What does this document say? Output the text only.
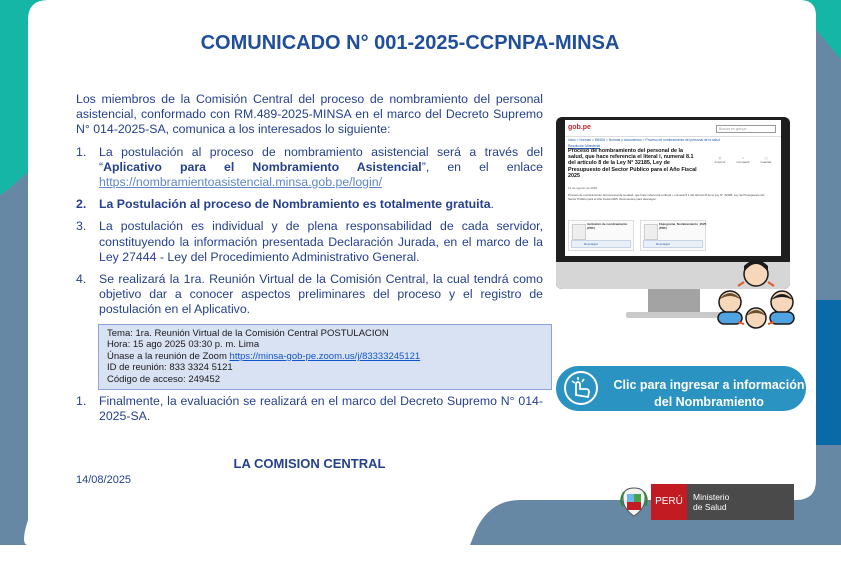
COMUNICADO N° 001-2025-CCPNPA-MINSA
Los miembros de la Comisión Central del proceso de nombramiento del personal asistencial, conformado con RM.489-2025-MINSA en el marco del Decreto Supremo N° 014-2025-SA, comunica a los interesados lo siguiente:
1. La postulación al proceso de nombramiento asistencial será a través del “Aplicativo para el Nombramiento Asistencial”, en el enlace https://nombramientoasistencial.minsa.gob.pe/login/
2. La Postulación al proceso de Nombramiento es totalmente gratuita.
3. La postulación es individual y de plena responsabilidad de cada servidor, constituyendo la información presentada Declaración Jurada, en el marco de la Ley 27444 - Ley del Procedimiento Administrativo General.
4. Se realizará la 1ra. Reunión Virtual de la Comisión Central, la cual tendrá como objetivo dar a conocer aspectos preliminares del proceso y el registro de postulación en el Aplicativo.
Tema: 1ra. Reunión Virtual de la Comisión Central POSTULACION
Hora: 15 ago 2025 03:30 p. m. Lima
Únase a la reunión de Zoom https://minsa-gob-pe.zoom.us/j/83333245121
ID de reunión: 833 3324 5121
Código de acceso: 249452
1. Finalmente, la evaluación se realizará en el marco del Decreto Supremo N° 014-2025-SA.
LA COMISION CENTRAL
14/08/2025
gob.pe	Buscar en gob.pe
Inicio > Normas > MINSA > Normas y documentos > Proceso de nombramiento del personal de la salud
Resolución Ministerial
Proceso de nombramiento del personal de la salud, que hace referencia el literal i, numeral 8.1 del artículo 8 de la Ley N° 32185, Ley de Presupuesto del Sector Público para el Año Fiscal 2025
⎙
Imprimir
<
Compartir
▢
Guardar
14 de agosto de 2025
Proceso de nombramiento del personal de la salud, que hace referencia el literal i, numeral 8.1 del artículo 8 de la Ley N° 32185, Ley de Presupuesto del Sector Público para el Año Fiscal 2025. Documentos para descargar.
Aplicativo de nombramiento (PDF)
Descargar
Flujograma_Nombramiento_2025 (PDF)
Descargar
Clic para ingresar a información
del Nombramiento
PERÚ	Ministerio
de Salud
